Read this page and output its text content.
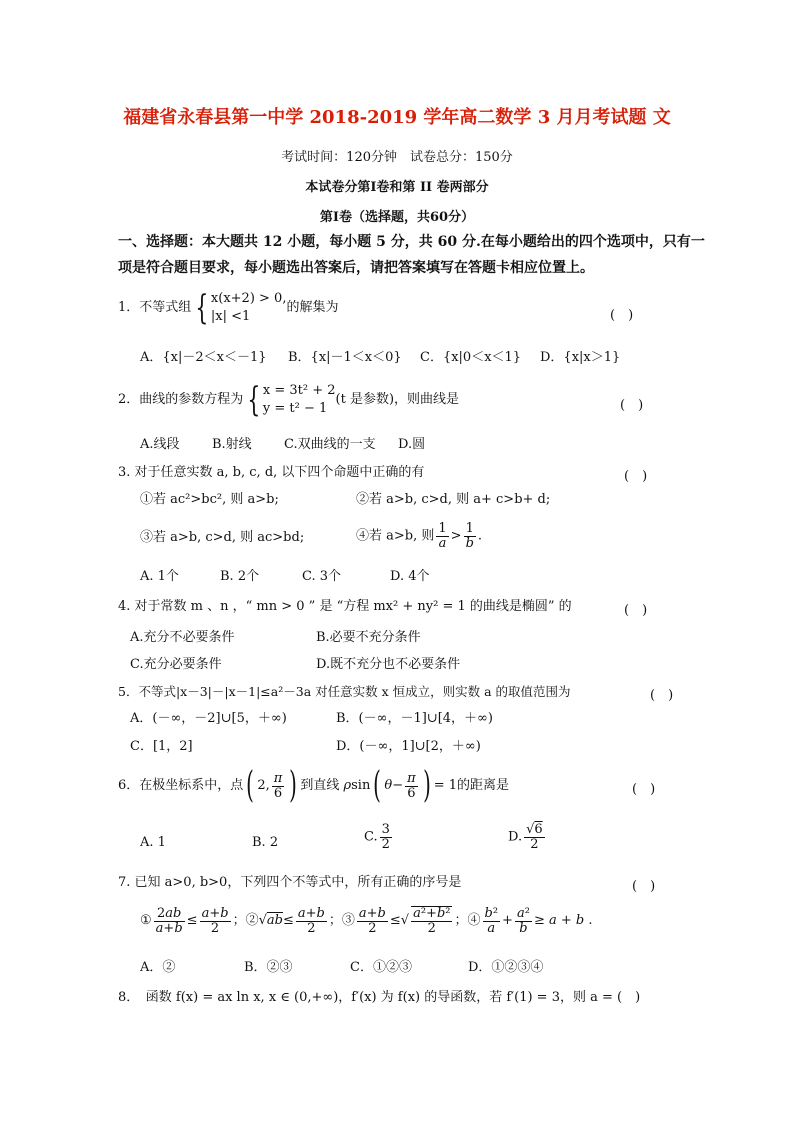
福建省永春县第一中学 2018-2019 学年高二数学 3 月月考试题 文
考试时间：120分钟　试卷总分：150分
本试卷分第Ⅰ卷和第 II 卷两部分
第Ⅰ卷（选择题，共60分）
一、选择题：本大题共 12 小题，每小题 5 分，共 60 分.在每小题给出的四个选项中，只有一
项是符合题目要求，每小题选出答案后，请把答案填写在答题卡相应位置上。
1．不等式组 { x(x+2) > 0,
|x| <1
的解集为
(　)
A．{x|－2＜x＜－1} B．{x|－1＜x＜0} C．{x|0＜x＜1} D．{x|x＞1}
2．曲线的参数方程为 { x = 3t² + 2
y = t² − 1
(t 是参数)，则曲线是	(　)
A.线段 B.射线 C.双曲线的一支 D.圆
3. 对于任意实数 a, b, c, d, 以下四个命题中正确的有	(　)
①若 ac²>bc², 则 a>b;	②若 a>b, c>d, 则 a+ c>b+ d;
③若 a>b, c>d, 则 ac>bd;	④若 a>b, 则 $\frac{1}{a} > \frac{1}{b}$ .
A. 1个	B. 2个	C. 3个	D. 4个
4. 对于常数 m 、n ，“ mn > 0 ” 是 “方程 mx² + ny² = 1 的曲线是椭圆” 的	(　)
A.充分不必要条件	B.必要不充分条件
C.充分必要条件	D.既不充分也不必要条件
5．不等式|x－3|－|x－1|≤a²－3a 对任意实数 x 恒成立，则实数 a 的取值范围为	(　)
A．(－∞，－2]∪[5，＋∞)	B．(－∞，－1]∪[4，＋∞)
C．[1，2]	D．(－∞，1]∪[2，＋∞)
6．在极坐标系中，点( 2, $\frac{\pi}{6}$ ) 到直线 ρsin( $\theta- \frac{\pi}{6}$ ) = 1的距离是	(　)
A. 1	B. 2	C. $\frac{3}{2}$	D. $\frac{√6}{2}$
7. 已知 a>0, b>0，下列四个不等式中，所有正确的序号是	(　)
① $\frac{2ab}{a+b} \le \frac{a+b}{2}$ ；②√ab≤ $\frac{a+b}{2}$ ；③ $\frac{a+b}{2}$ ≤√ $\frac{\text{a²+b²}}{2}$ ；④ $\frac{\text{b²}}{a} + \frac{\text{a²}}{b} \ge a + b$ .
A．②	B．②③	C．①②③	D．①②③④
8．　函数 f(x) = ax ln x, x ∈ (0,+∞)，f′(x) 为 f(x) 的导函数，若 f′(1) = 3，则 a = (　)
